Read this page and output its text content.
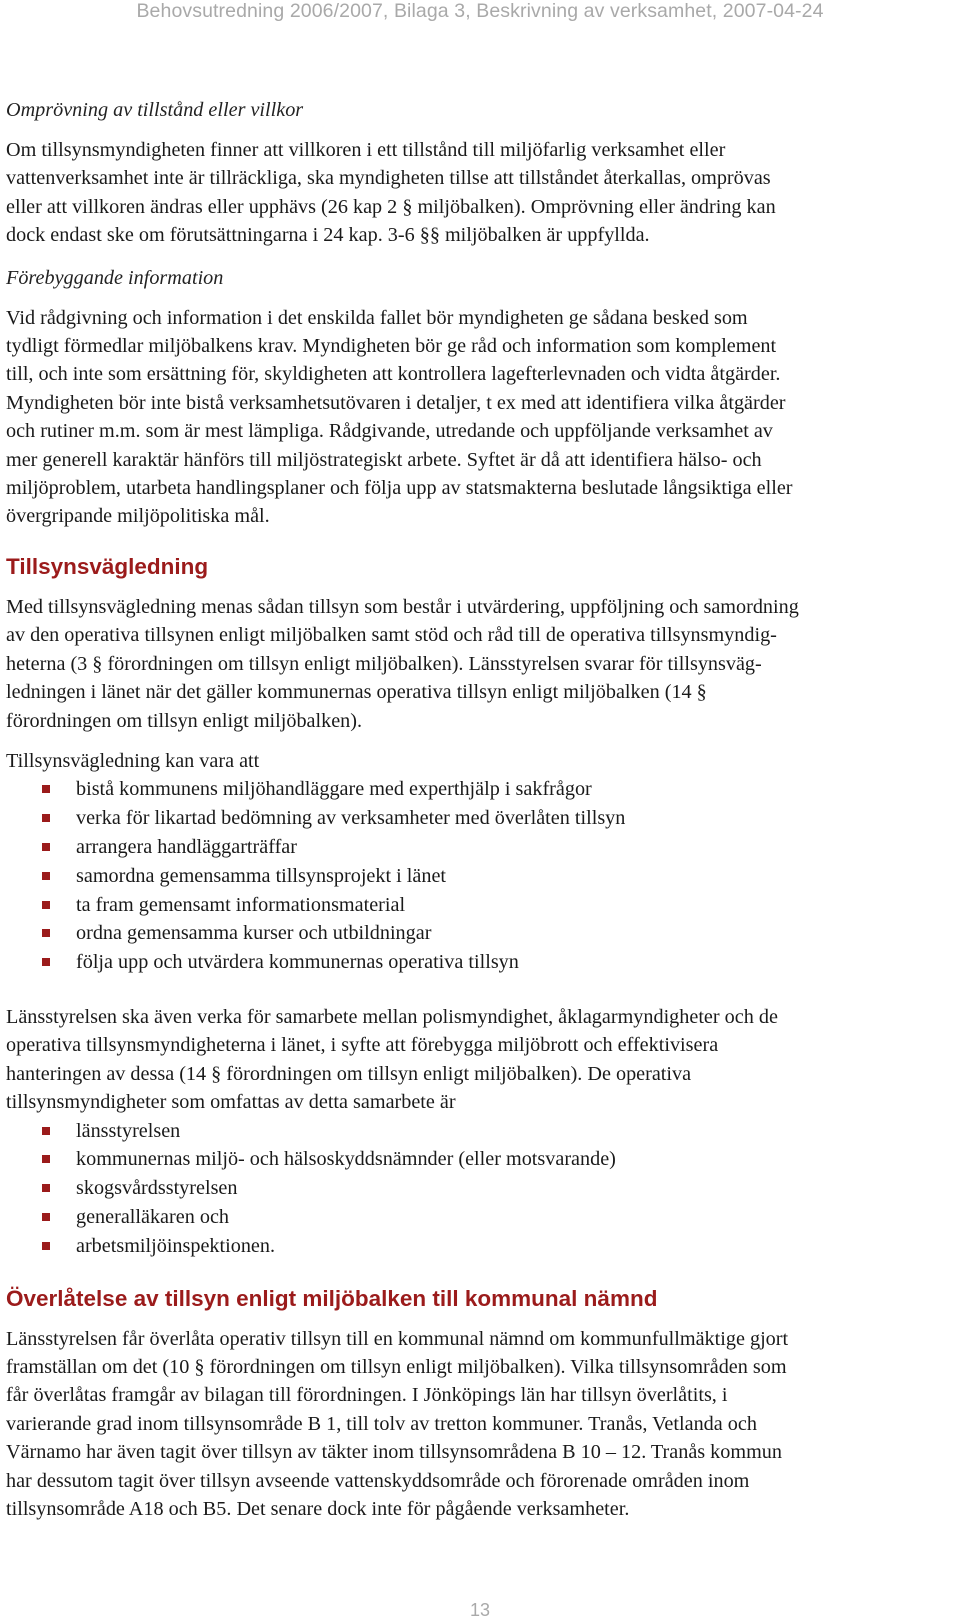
Behovsutredning 2006/2007, Bilaga 3, Beskrivning av verksamhet, 2007-04-24

Omprövning av tillstånd eller villkor

Om tillsynsmyndigheten finner att villkoren i ett tillstånd till miljöfarlig verksamhet eller
vattenverksamhet inte är tillräckliga, ska myndigheten tillse att tillståndet återkallas, omprövas
eller att villkoren ändras eller upphävs (26 kap 2 § miljöbalken). Omprövning eller ändring kan
dock endast ske om förutsättningarna i 24 kap. 3-6 §§ miljöbalken är uppfyllda.

Förebyggande information

Vid rådgivning och information i det enskilda fallet bör myndigheten ge sådana besked som
tydligt förmedlar miljöbalkens krav. Myndigheten bör ge råd och information som komplement
till, och inte som ersättning för, skyldigheten att kontrollera lagefterlevnaden och vidta åtgärder.
Myndigheten bör inte bistå verksamhetsutövaren i detaljer, t ex med att identifiera vilka åtgärder
och rutiner m.m. som är mest lämpliga. Rådgivande, utredande och uppföljande verksamhet av
mer generell karaktär hänförs till miljöstrategiskt arbete. Syftet är då att identifiera hälso- och
miljöproblem, utarbeta handlingsplaner och följa upp av statsmakterna beslutade långsiktiga eller
övergripande miljöpolitiska mål.

Tillsynsvägledning

Med tillsynsvägledning menas sådan tillsyn som består i utvärdering, uppföljning och samordning
av den operativa tillsynen enligt miljöbalken samt stöd och råd till de operativa tillsynsmyndig-
heterna (3 § förordningen om tillsyn enligt miljöbalken). Länsstyrelsen svarar för tillsynsväg-
ledningen i länet när det gäller kommunernas operativa tillsyn enligt miljöbalken (14 §
förordningen om tillsyn enligt miljöbalken).

Tillsynsvägledning kan vara att

bistå kommunens miljöhandläggare med experthjälp i sakfrågor
verka för likartad bedömning av verksamheter med överlåten tillsyn
arrangera handläggarträffar
samordna gemensamma tillsynsprojekt i länet
ta fram gemensamt informationsmaterial
ordna gemensamma kurser och utbildningar
följa upp och utvärdera kommunernas operativa tillsyn

Länsstyrelsen ska även verka för samarbete mellan polismyndighet, åklagarmyndigheter och de
operativa tillsynsmyndigheterna i länet, i syfte att förebygga miljöbrott och effektivisera
hanteringen av dessa (14 § förordningen om tillsyn enligt miljöbalken). De operativa
tillsynsmyndigheter som omfattas av detta samarbete är

länsstyrelsen
kommunernas miljö- och hälsoskyddsnämnder (eller motsvarande)
skogsvårdsstyrelsen
generalläkaren och
arbetsmiljöinspektionen.
Överlåtelse av tillsyn enligt miljöbalken till kommunal nämnd

Länsstyrelsen får överlåta operativ tillsyn till en kommunal nämnd om kommunfullmäktige gjort
framställan om det (10 § förordningen om tillsyn enligt miljöbalken). Vilka tillsynsområden som
får överlåtas framgår av bilagan till förordningen. I Jönköpings län har tillsyn överlåtits, i
varierande grad inom tillsynsområde B 1, till tolv av tretton kommuner. Tranås, Vetlanda och
Värnamo har även tagit över tillsyn av täkter inom tillsynsområdena B 10 – 12. Tranås kommun
har dessutom tagit över tillsyn avseende vattenskyddsområde och förorenade områden inom
tillsynsområde A18 och B5. Det senare dock inte för pågående verksamheter.

13
